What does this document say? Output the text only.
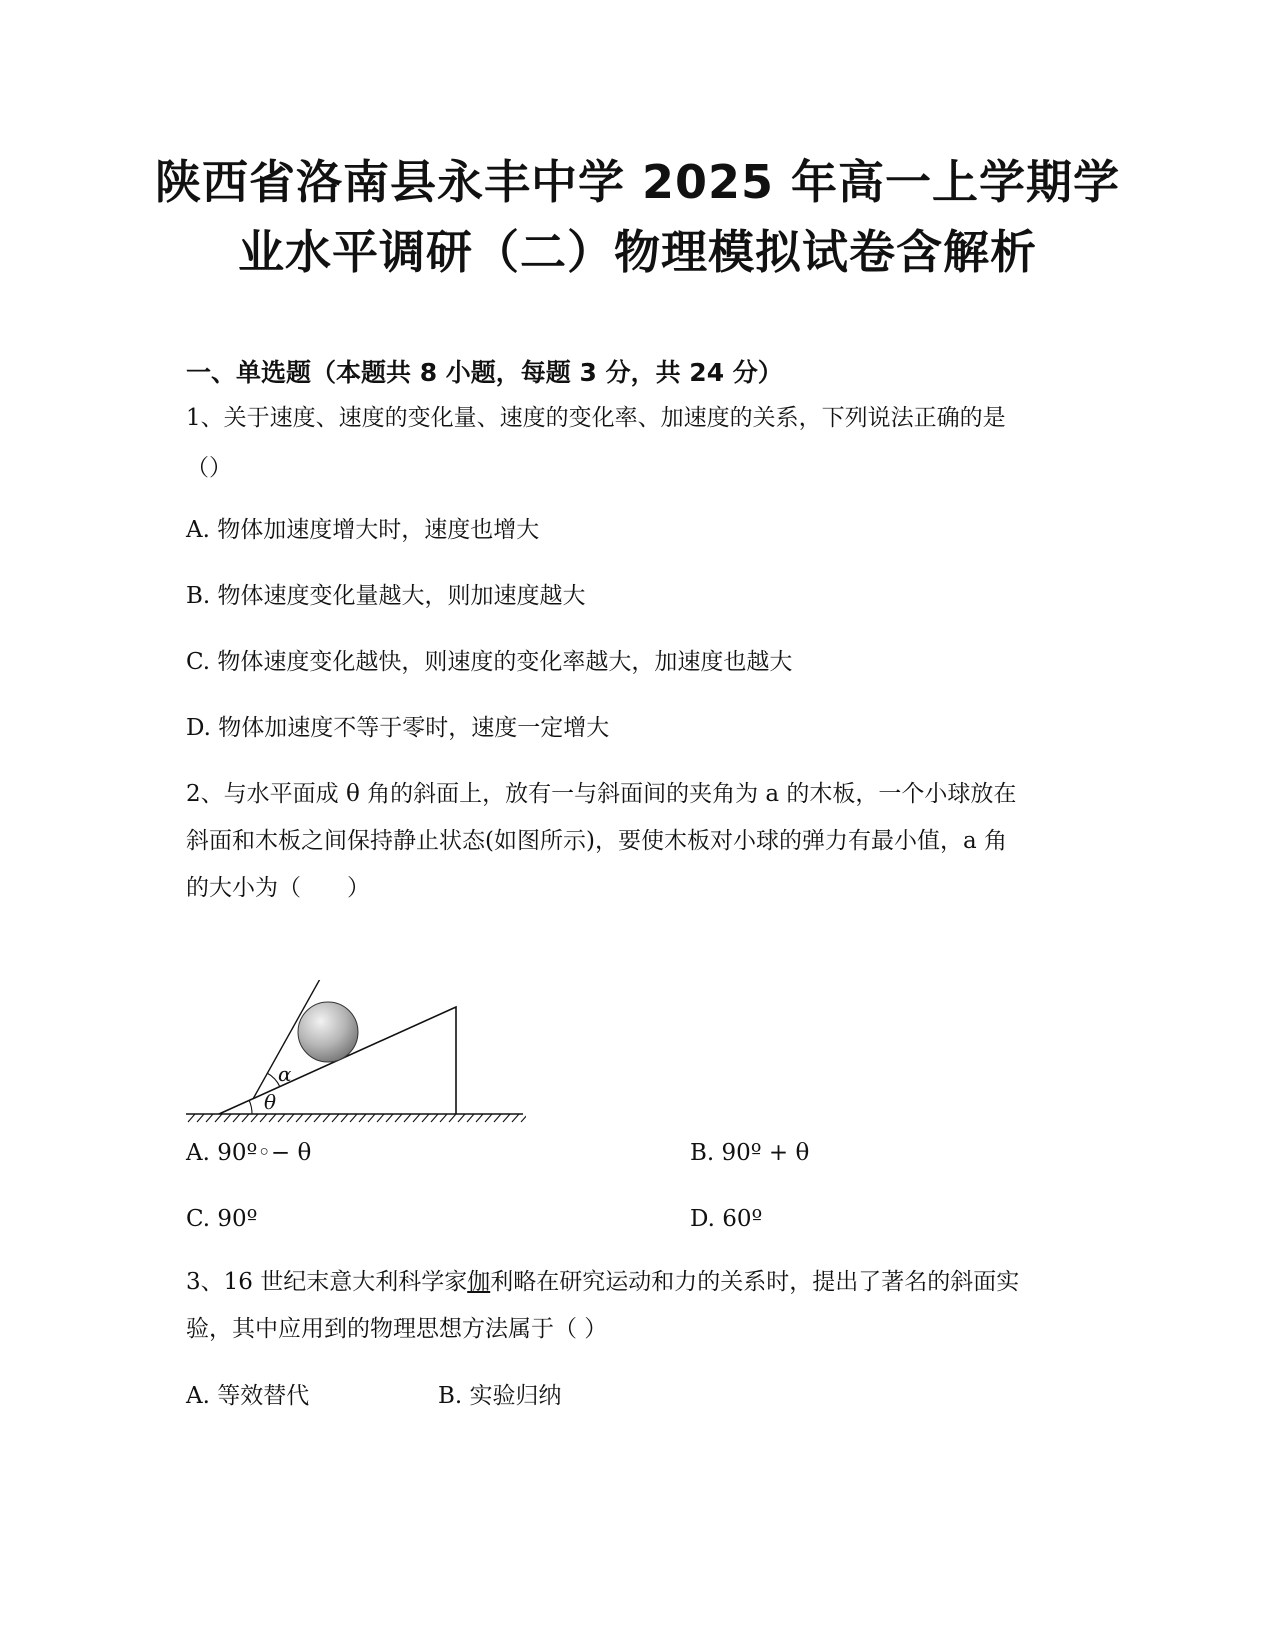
陕西省洛南县永丰中学 2025 年高一上学期学
业水平调研（二）物理模拟试卷含解析
一、单选题（本题共 8 小题，每题 3 分，共 24 分）
1、关于速度、速度的变化量、速度的变化率、加速度的关系，下列说法正确的是
（）
A. 物体加速度增大时，速度也增大
B. 物体速度变化量越大，则加速度越大
C. 物体速度变化越快，则速度的变化率越大，加速度也越大
D. 物体加速度不等于零时，速度一定增大
2、与水平面成 θ 角的斜面上，放有一与斜面间的夹角为 a 的木板，一个小球放在
斜面和木板之间保持静止状态(如图所示)，要使木板对小球的弹力有最小值，a 角
的大小为（　　）
α
θ
A. 90º◦− θ	B. 90º + θ
C. 90º	D. 60º
3、16 世纪末意大利科学家伽利略在研究运动和力的关系时，提出了著名的斜面实
验，其中应用到的物理思想方法属于（ ）
A. 等效替代	B. 实验归纳
